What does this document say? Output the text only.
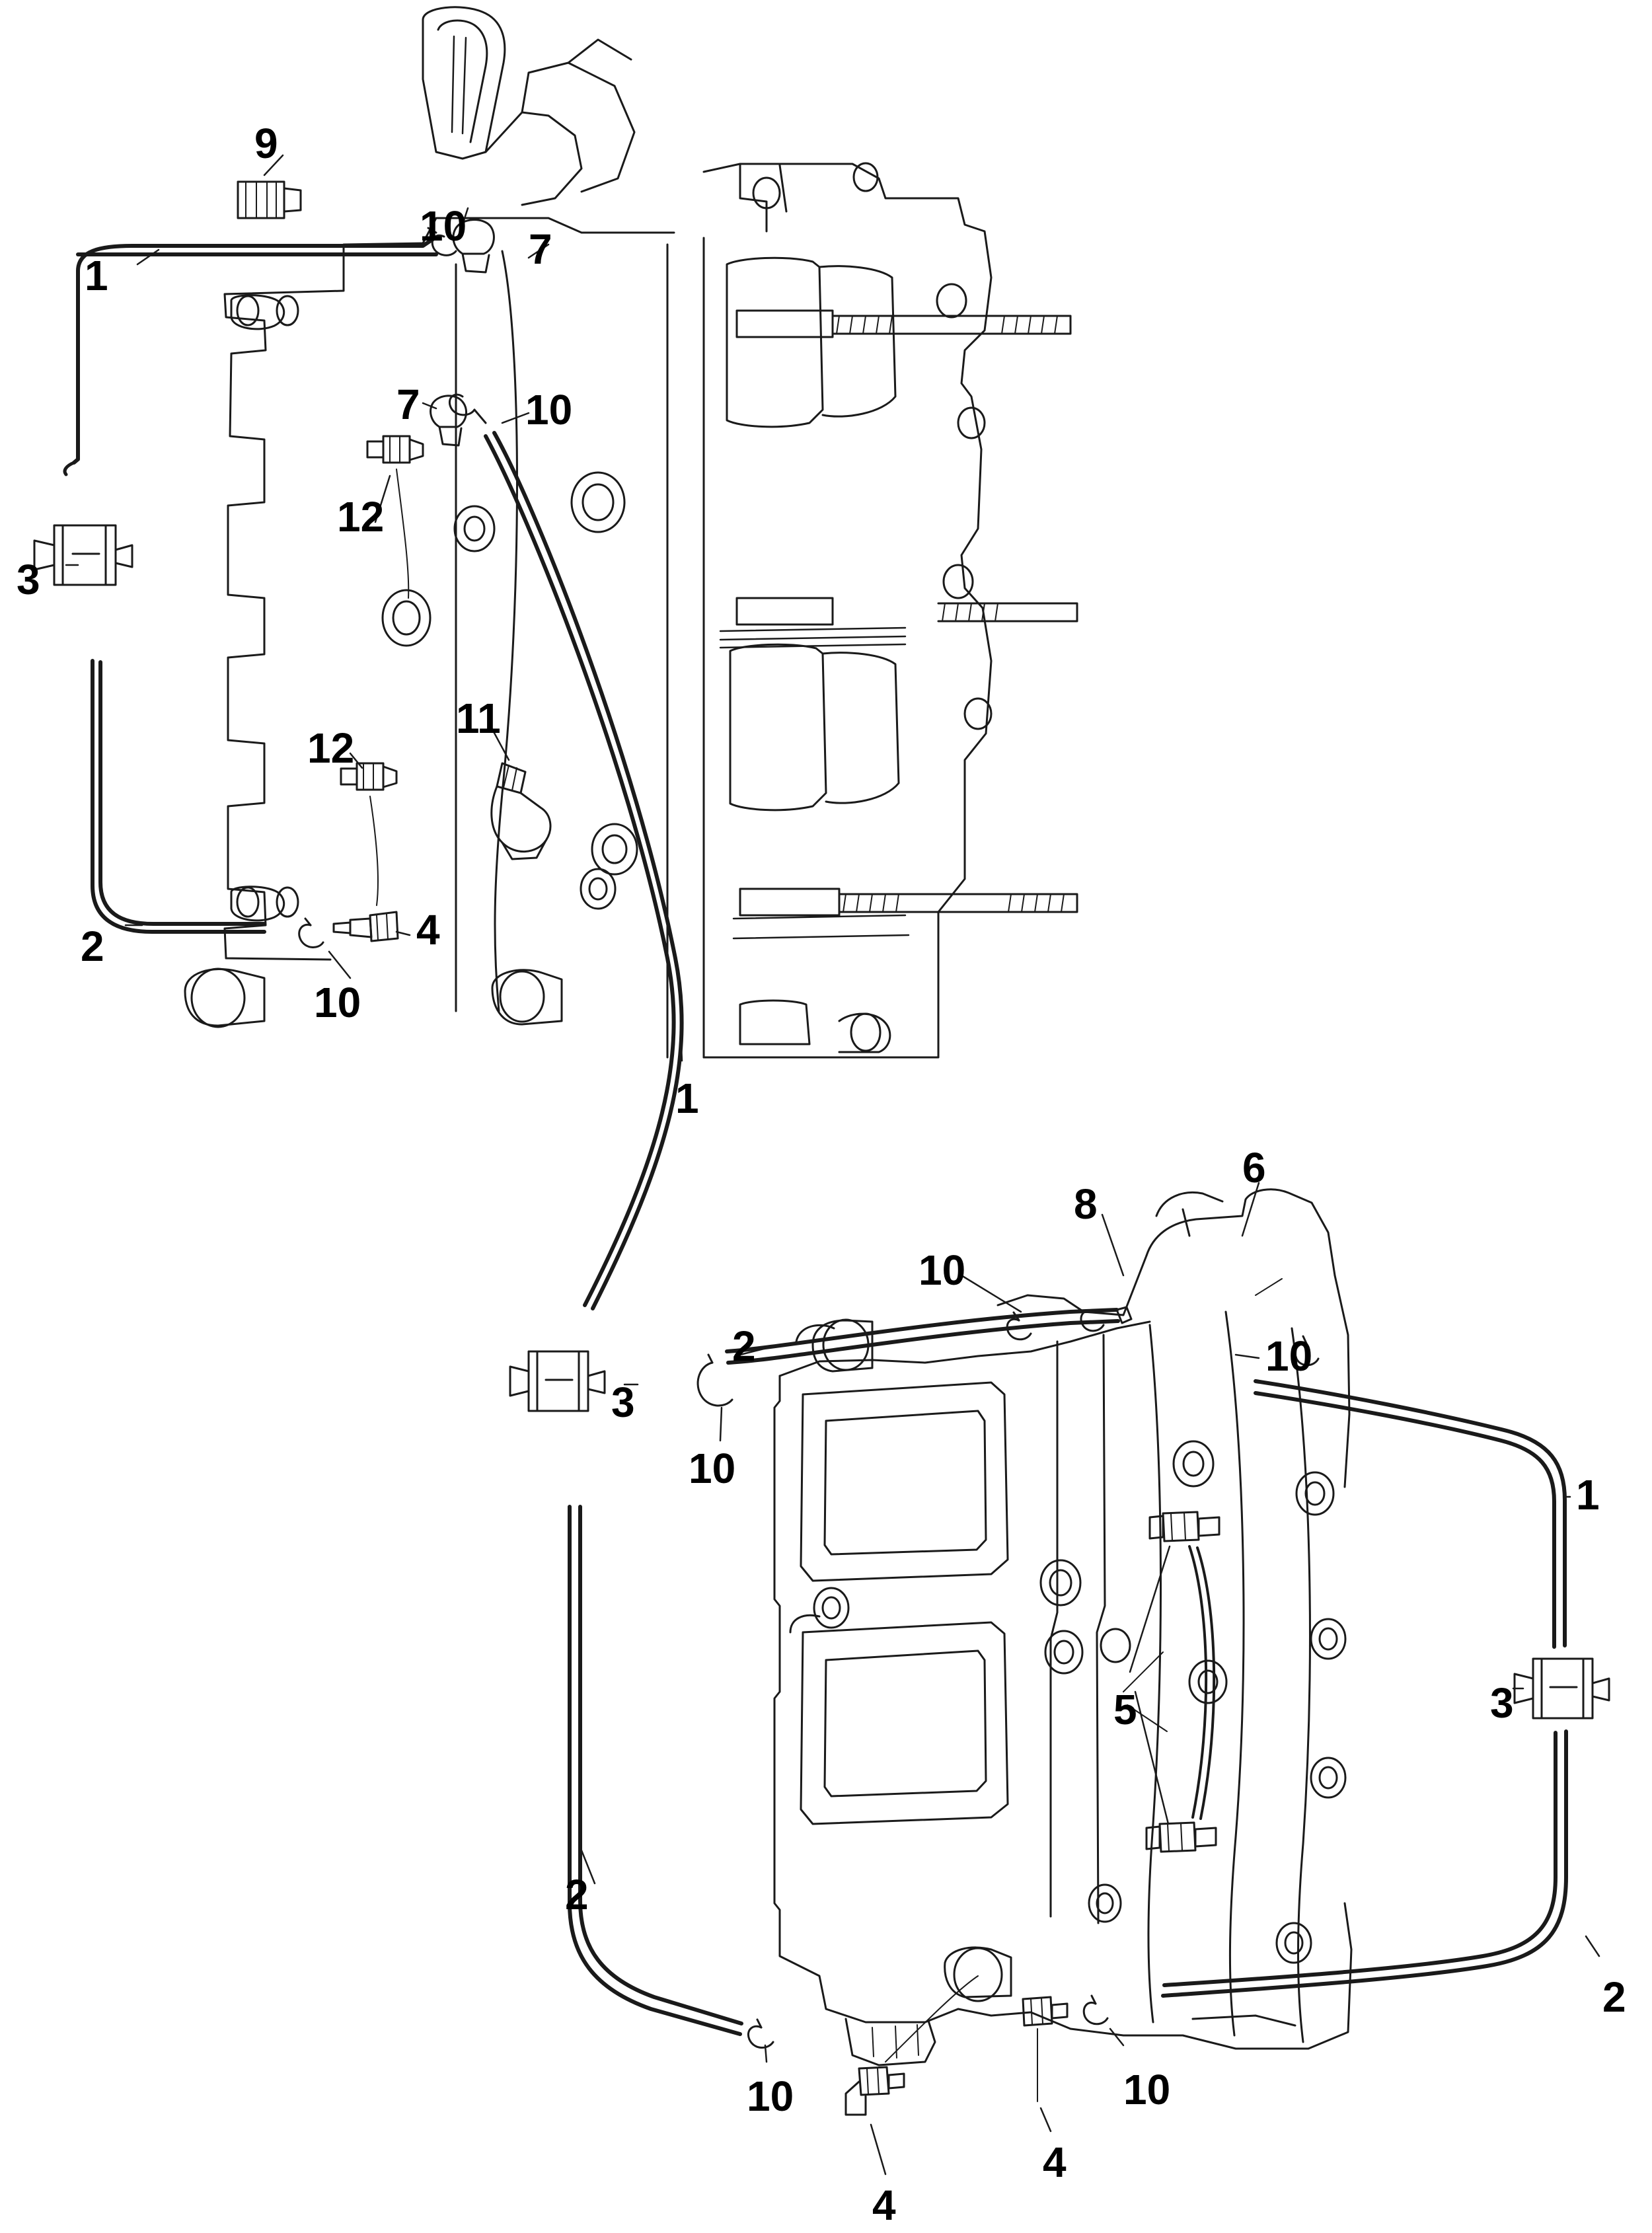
9
10 7
1
7 10
12
3
11
12
4
2
10
1
8
6
10
2	10
3
10
1
5	3
2
2
10	10
4
4
